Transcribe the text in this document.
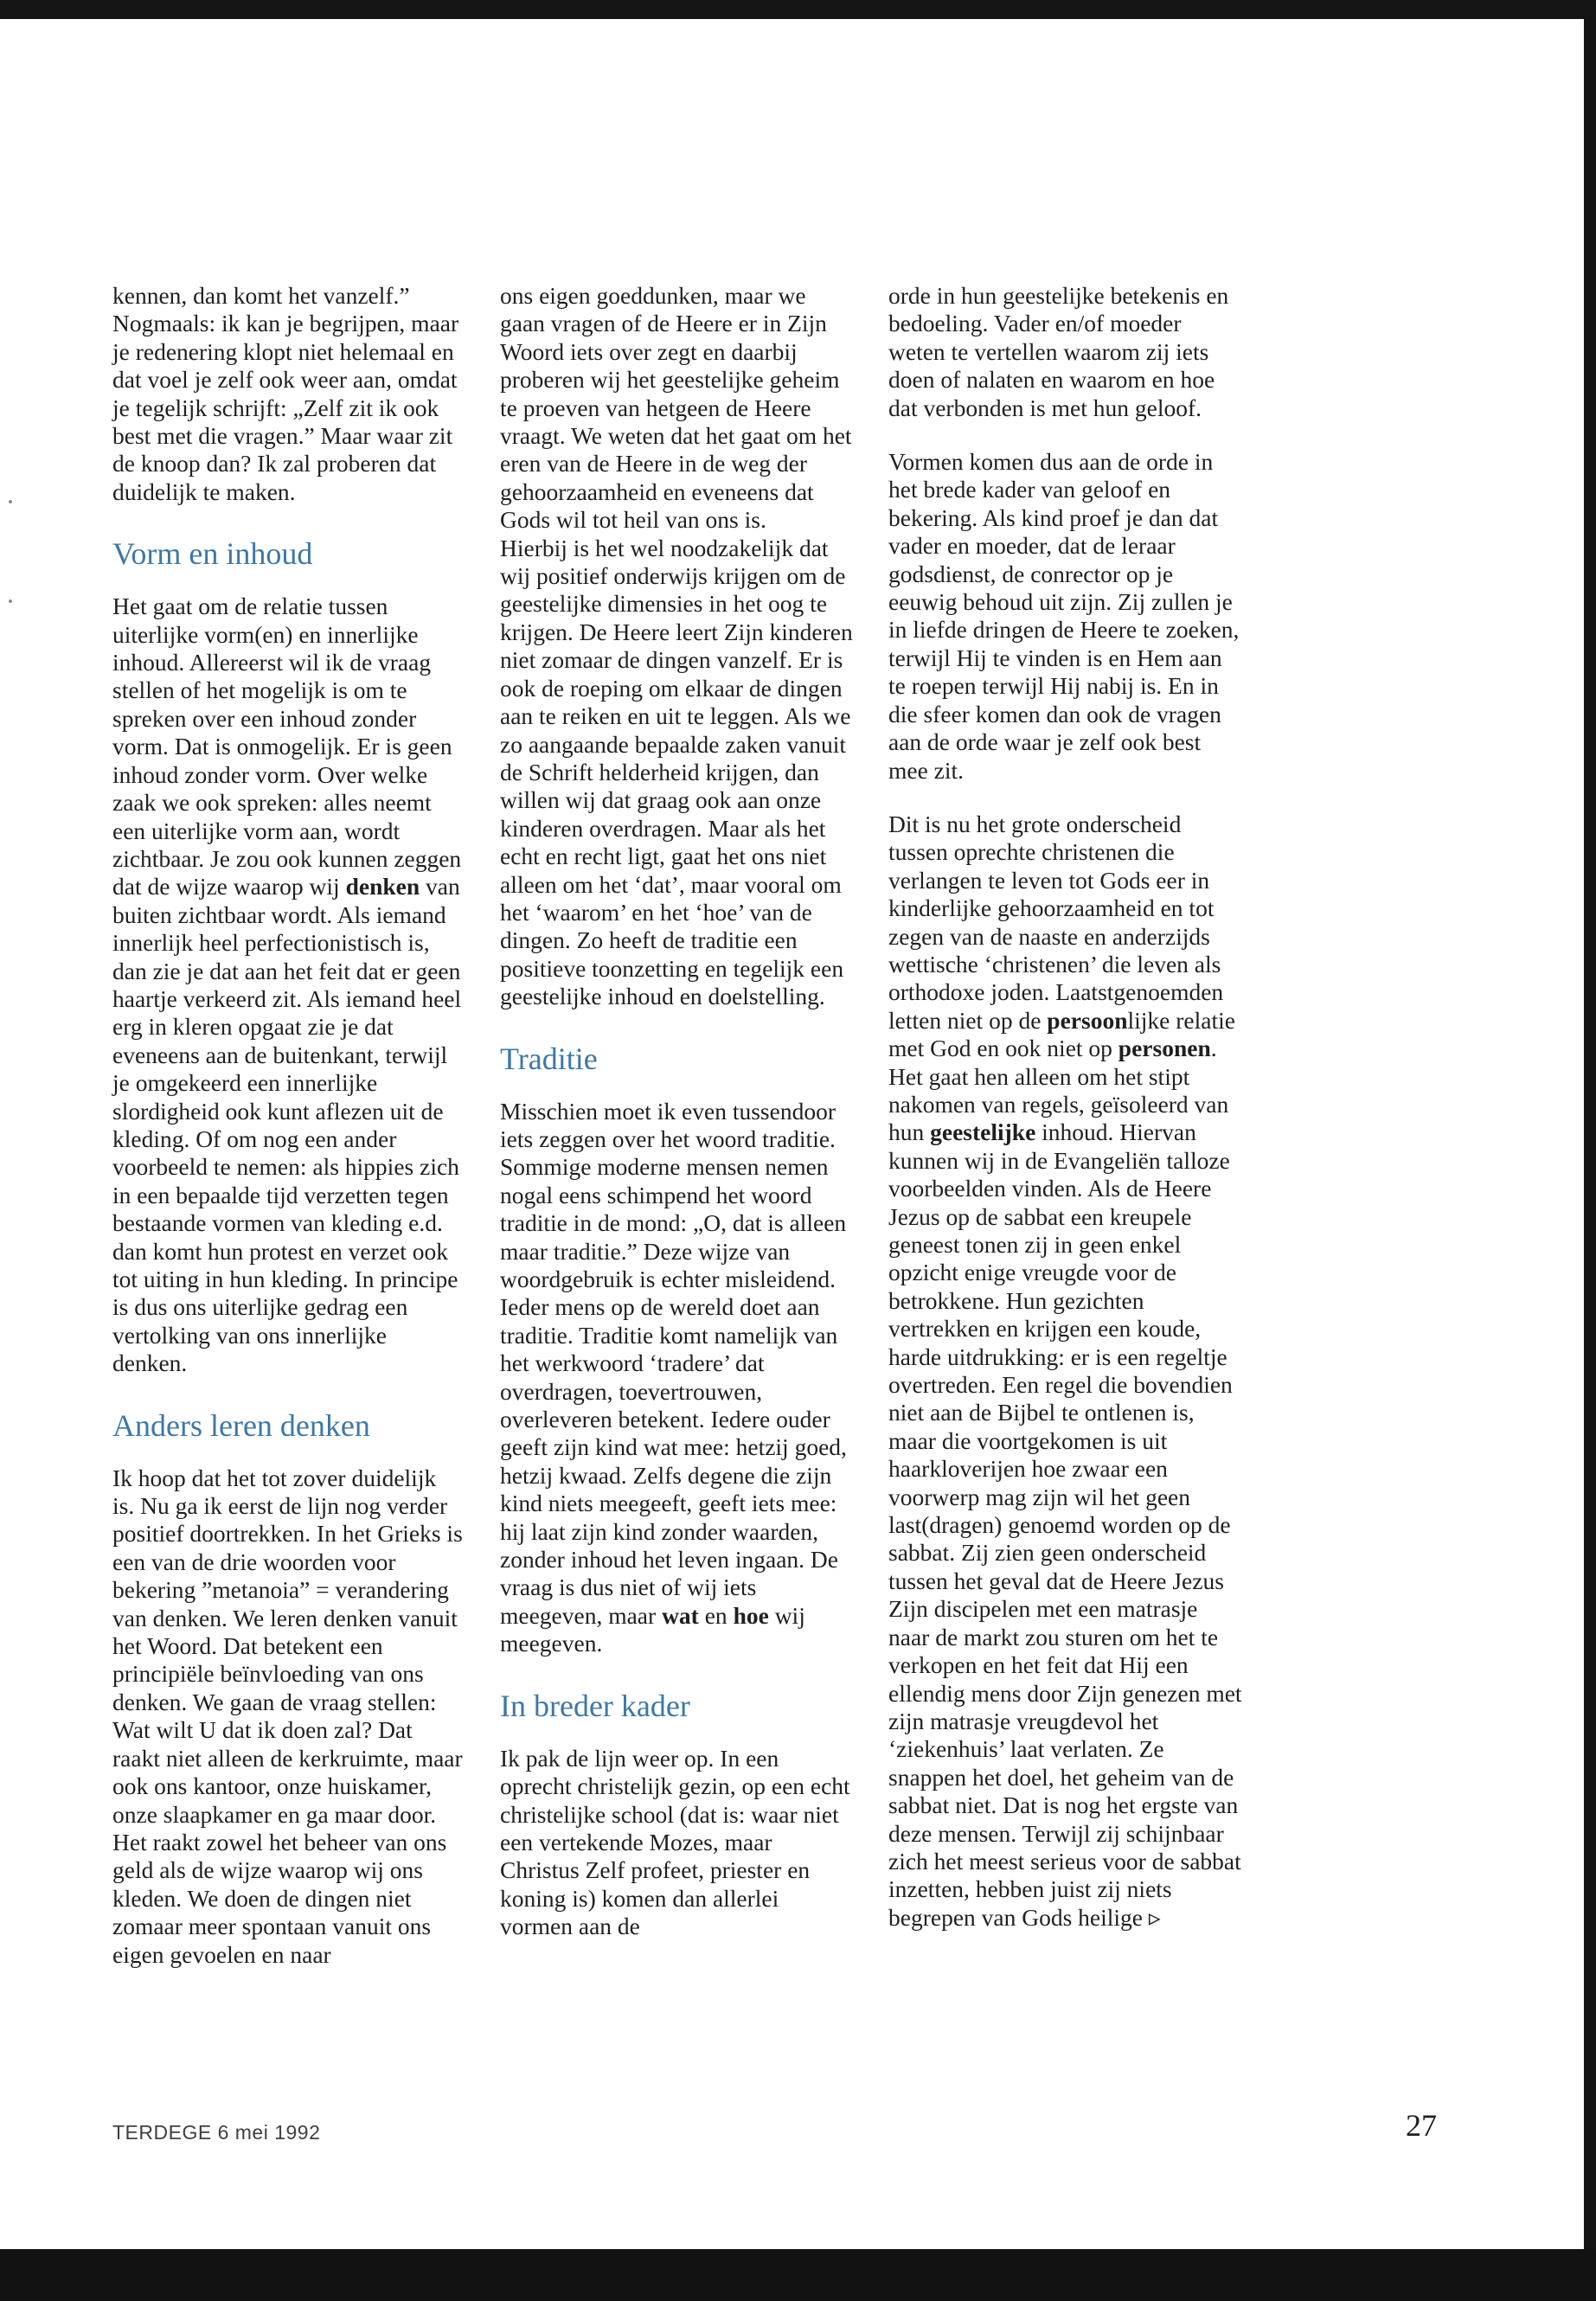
kennen, dan komt het vanzelf.” Nogmaals: ik kan je begrijpen, maar je redenering klopt niet helemaal en dat voel je zelf ook weer aan, omdat je tegelijk schrijft: „Zelf zit ik ook best met die vragen.” Maar waar zit de knoop dan? Ik zal proberen dat duidelijk te maken.

Vorm en inhoud

Het gaat om de relatie tussen uiterlijke vorm(en) en innerlijke inhoud. Allereerst wil ik de vraag stellen of het mogelijk is om te spreken over een inhoud zonder vorm. Dat is onmogelijk. Er is geen inhoud zonder vorm. Over welke zaak we ook spreken: alles neemt een uiterlijke vorm aan, wordt zichtbaar. Je zou ook kunnen zeggen dat de wijze waarop wij denken van buiten zichtbaar wordt. Als iemand innerlijk heel perfectionistisch is, dan zie je dat aan het feit dat er geen haartje verkeerd zit. Als iemand heel erg in kleren opgaat zie je dat eveneens aan de buitenkant, terwijl je omgekeerd een innerlijke slordigheid ook kunt aflezen uit de kleding. Of om nog een ander voorbeeld te nemen: als hippies zich in een bepaalde tijd verzetten tegen bestaande vormen van kleding e.d. dan komt hun protest en verzet ook tot uiting in hun kleding. In principe is dus ons uiterlijke gedrag een vertolking van ons innerlijke denken.

Anders leren denken

Ik hoop dat het tot zover duidelijk is. Nu ga ik eerst de lijn nog verder positief doortrekken. In het Grieks is een van de drie woorden voor bekering ”metanoia” = verandering van denken. We leren denken vanuit het Woord. Dat betekent een principiële beïnvloeding van ons denken. We gaan de vraag stellen: Wat wilt U dat ik doen zal? Dat raakt niet alleen de kerkruimte, maar ook ons kantoor, onze huiskamer, onze slaapkamer en ga maar door. Het raakt zowel het beheer van ons geld als de wijze waarop wij ons kleden. We doen de dingen niet zomaar meer spontaan vanuit ons eigen gevoelen en naar

ons eigen goeddunken, maar we gaan vragen of de Heere er in Zijn Woord iets over zegt en daarbij proberen wij het geestelijke geheim te proeven van hetgeen de Heere vraagt. We weten dat het gaat om het eren van de Heere in de weg der gehoorzaamheid en eveneens dat Gods wil tot heil van ons is.

Hierbij is het wel noodzakelijk dat wij positief onderwijs krijgen om de geestelijke dimensies in het oog te krijgen. De Heere leert Zijn kinderen niet zomaar de dingen vanzelf. Er is ook de roeping om elkaar de dingen aan te reiken en uit te leggen. Als we zo aangaande bepaalde zaken vanuit de Schrift helderheid krijgen, dan willen wij dat graag ook aan onze kinderen overdragen. Maar als het echt en recht ligt, gaat het ons niet alleen om het ‘dat’, maar vooral om het ‘waarom’ en het ‘hoe’ van de dingen. Zo heeft de traditie een positieve toonzetting en tegelijk een geestelijke inhoud en doelstelling.

Traditie

Misschien moet ik even tussendoor iets zeggen over het woord traditie. Sommige moderne mensen nemen nogal eens schimpend het woord traditie in de mond: „O, dat is alleen maar traditie.” Deze wijze van woordgebruik is echter misleidend. Ieder mens op de wereld doet aan traditie. Traditie komt namelijk van het werkwoord ‘tradere’ dat overdragen, toevertrouwen, overleveren betekent. Iedere ouder geeft zijn kind wat mee: hetzij goed, hetzij kwaad. Zelfs degene die zijn kind niets meegeeft, geeft iets mee: hij laat zijn kind zonder waarden, zonder inhoud het leven ingaan. De vraag is dus niet of wij iets meegeven, maar wat en hoe wij meegeven.

In breder kader

Ik pak de lijn weer op. In een oprecht christelijk gezin, op een echt christelijke school (dat is: waar niet een vertekende Mozes, maar Christus Zelf profeet, priester en koning is) komen dan allerlei vormen aan de

orde in hun geestelijke betekenis en bedoeling. Vader en/of moeder weten te vertellen waarom zij iets doen of nalaten en waarom en hoe dat verbonden is met hun geloof.

Vormen komen dus aan de orde in het brede kader van geloof en bekering. Als kind proef je dan dat vader en moeder, dat de leraar godsdienst, de conrector op je eeuwig behoud uit zijn. Zij zullen je in liefde dringen de Heere te zoeken, terwijl Hij te vinden is en Hem aan te roepen terwijl Hij nabij is. En in die sfeer komen dan ook de vragen aan de orde waar je zelf ook best mee zit.

Dit is nu het grote onderscheid tussen oprechte christenen die verlangen te leven tot Gods eer in kinderlijke gehoorzaamheid en tot zegen van de naaste en anderzijds wettische ‘christenen’ die leven als orthodoxe joden. Laatstgenoemden letten niet op de persoonlijke relatie met God en ook niet op personen. Het gaat hen alleen om het stipt nakomen van regels, geïsoleerd van hun geestelijke inhoud. Hiervan kunnen wij in de Evangeliën talloze voorbeelden vinden. Als de Heere Jezus op de sabbat een kreupele geneest tonen zij in geen enkel opzicht enige vreugde voor de betrokkene. Hun gezichten vertrekken en krijgen een koude, harde uitdrukking: er is een regeltje overtreden. Een regel die bovendien niet aan de Bijbel te ontlenen is, maar die voortgekomen is uit haarkloverijen hoe zwaar een voorwerp mag zijn wil het geen last(dragen) genoemd worden op de sabbat. Zij zien geen onderscheid tussen het geval dat de Heere Jezus Zijn discipelen met een matrasje naar de markt zou sturen om het te verkopen en het feit dat Hij een ellendig mens door Zijn genezen met zijn matrasje vreugdevol het ‘ziekenhuis’ laat verlaten. Ze snappen het doel, het geheim van de sabbat niet. Dat is nog het ergste van deze mensen. Terwijl zij schijnbaar zich het meest serieus voor de sabbat inzetten, hebben juist zij niets begrepen van Gods heilige ▹

TERDEGE 6 mei 1992	27
